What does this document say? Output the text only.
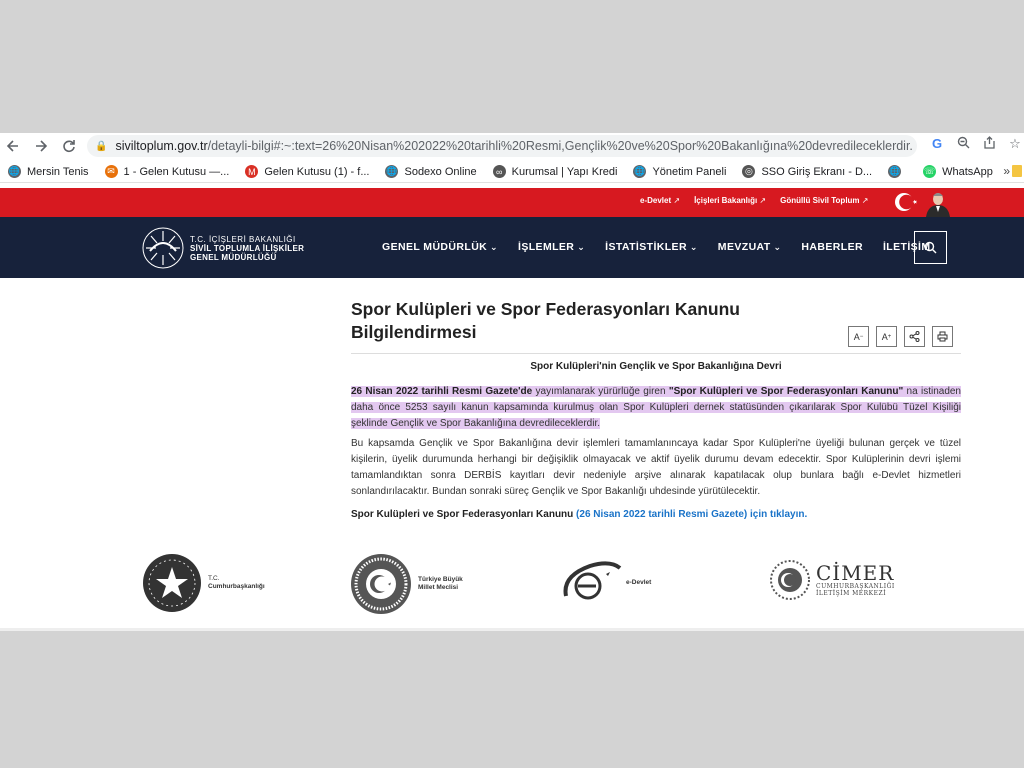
🔒 siviltoplum.gov.tr /detayli-bilgi#:~:text=26%20Nisan%202022%20tarihli%20Resmi,Gençlik%20ve%20Spor%20Bakanlığına%20devredileceklerdir.	G	☆
🌐 Mersin Tenis	✉ 1 - Gelen Kutusu —...	M Gelen Kutusu (1) - f... 🌐 Sodexo Online	∞ Kurumsal | Yapı Kredi 🌐 Yönetim Paneli ◎ SSO Giriş Ekranı - D... 🌐	☏ WhatsApp »
e-Devlet ↗	İçişleri Bakanlığı ↗	Gönüllü Sivil Toplum ↗
T.C. İÇİŞLERİ BAKANLIĞI
SİVİL TOPLUMLA İLİŞKİLER
GENEL MÜDÜRLÜĞÜ
GENEL MÜDÜRLÜK ⌄	İŞLEMLER ⌄	İSTATİSTİKLER ⌄	MEVZUAT ⌄	HABERLER İLETİŞİM
Spor Kulüpleri ve Spor Federasyonları Kanunu Bilgilendirmesi	A −	A +
Spor Kulüpleri'nin Gençlik ve Spor Bakanlığına Devri

26 Nisan 2022 tarihli Resmi Gazete'de yayımlanarak yürürlüğe giren "Spor Kulüpleri ve Spor Federasyonları Kanunu" na istinaden daha önce 5253 sayılı kanun kapsamında kurulmuş olan Spor Kulüpleri dernek statüsünden çıkarılarak Spor Kulübü Tüzel Kişiliği şeklinde Gençlik ve Spor Bakanlığına devredileceklerdir.

Bu kapsamda Gençlik ve Spor Bakanlığına devir işlemleri tamamlanıncaya kadar Spor Kulüpleri'ne üyeliği bulunan gerçek ve tüzel kişilerin, üyelik durumunda herhangi bir değişiklik olmayacak ve aktif üyelik durumu devam edecektir. Spor Kulüplerinin devri işlemi tamamlandıktan sonra DERBİS kayıtları devir nedeniyle arşive alınarak kapatılacak olup bunlara bağlı e-Devlet hizmetleri sonlandırılacaktır. Bundan sonraki süreç Gençlik ve Spor Bakanlığı uhdesinde yürütülecektir.

Spor Kulüpleri ve Spor Federasyonları Kanunu (26 Nisan 2022 tarihli Resmi Gazete) için tıklayın.

T.C.
Cumhurbaşkanlığı
Türkiye Büyük
Millet Meclisi
e-Devlet	CİMER
CUMHURBAŞKANLIĞI
İLETİŞİM MERKEZİ
